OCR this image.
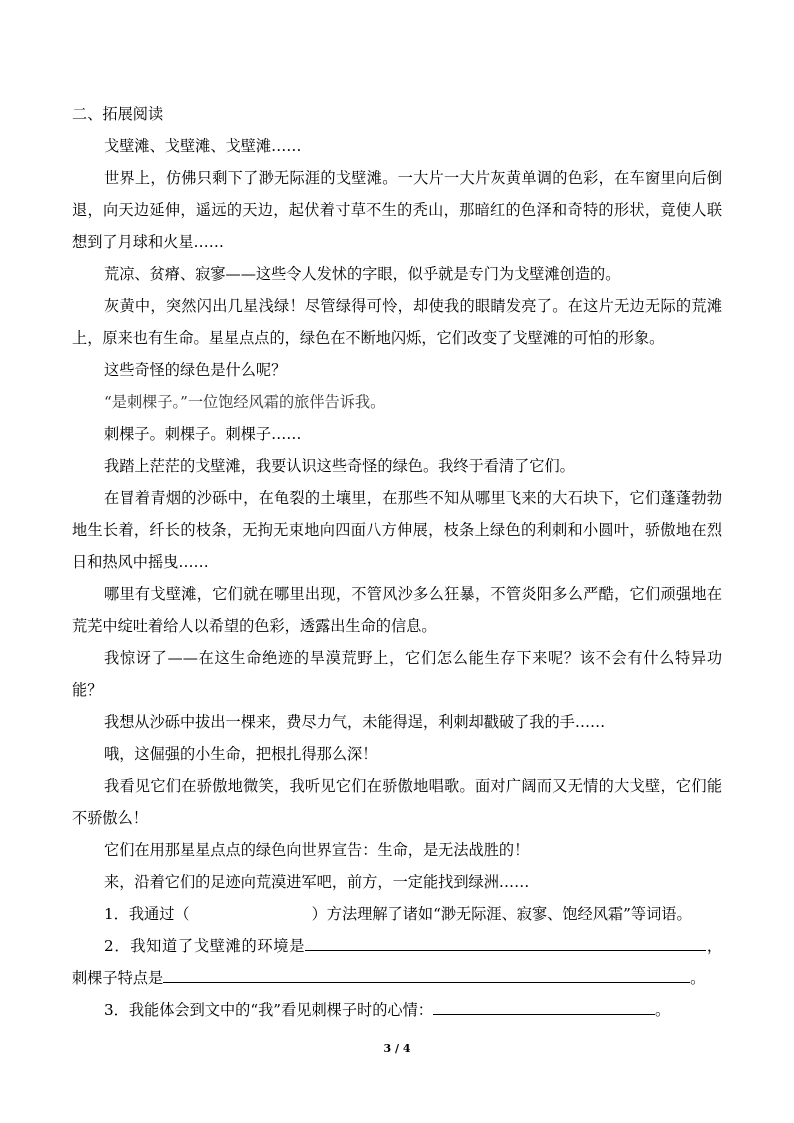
二、拓展阅读

戈壁滩、戈壁滩、戈壁滩……

世界上，仿佛只剩下了渺无际涯的戈壁滩。一大片一大片灰黄单调的色彩，在车窗里向后倒退，向天边延伸，遥远的天边，起伏着寸草不生的秃山，那暗红的色泽和奇特的形状，竟使人联想到了月球和火星……

荒凉、贫瘠、寂寥——这些令人发怵的字眼，似乎就是专门为戈壁滩创造的。

灰黄中，突然闪出几星浅绿！尽管绿得可怜，却使我的眼睛发亮了。在这片无边无际的荒滩上，原来也有生命。星星点点的，绿色在不断地闪烁，它们改变了戈壁滩的可怕的形象。

这些奇怪的绿色是什么呢？

“是刺棵子。”一位饱经风霜的旅伴告诉我。

刺棵子。刺棵子。刺棵子……

我踏上茫茫的戈壁滩，我要认识这些奇怪的绿色。我终于看清了它们。

在冒着青烟的沙砾中，在龟裂的土壤里，在那些不知从哪里飞来的大石块下，它们蓬蓬勃勃地生长着，纤长的枝条，无拘无束地向四面八方伸展，枝条上绿色的利刺和小圆叶，骄傲地在烈日和热风中摇曳……

哪里有戈壁滩，它们就在哪里出现，不管风沙多么狂暴，不管炎阳多么严酷，它们顽强地在荒芜中绽吐着给人以希望的色彩，透露出生命的信息。

我惊讶了——在这生命绝迹的旱漠荒野上，它们怎么能生存下来呢？该不会有什么特异功能？

我想从沙砾中拔出一棵来，费尽力气，未能得逞，利刺却戳破了我的手……

哦，这倔强的小生命，把根扎得那么深！

我看见它们在骄傲地微笑，我听见它们在骄傲地唱歌。面对广阔而又无情的大戈壁，它们能不骄傲么！

它们在用那星星点点的绿色向世界宣告：生命，是无法战胜的！

来，沿着它们的足迹向荒漠进军吧，前方，一定能找到绿洲……

1．我通过（	）方法理解了诸如“渺无际涯、寂寥、饱经风霜”等词语。

2．我知道了戈壁滩的环境是	，刺棵子特点是	。

3．我能体会到文中的“我”看见刺棵子时的心情：	。

3 / 4
